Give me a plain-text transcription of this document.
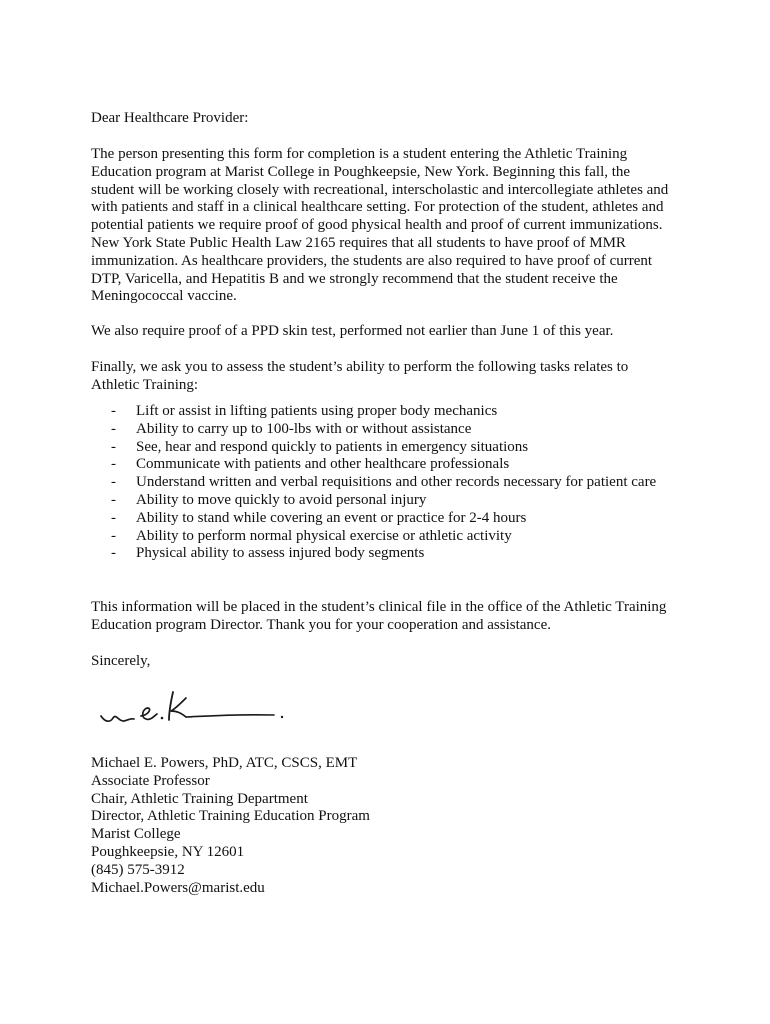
Dear Healthcare Provider:

The person presenting this form for completion is a student entering the Athletic Training
Education program at Marist College in Poughkeepsie, New York. Beginning this fall, the
student will be working closely with recreational, interscholastic and intercollegiate athletes and
with patients and staff in a clinical healthcare setting. For protection of the student, athletes and
potential patients we require proof of good physical health and proof of current immunizations.
New York State Public Health Law 2165 requires that all students to have proof of MMR
immunization. As healthcare providers, the students are also required to have proof of current
DTP, Varicella, and Hepatitis B and we strongly recommend that the student receive the
Meningococcal vaccine.

We also require proof of a PPD skin test, performed not earlier than June 1 of this year.

Finally, we ask you to assess the student’s ability to perform the following tasks relates to
Athletic Training:

- Lift or assist in lifting patients using proper body mechanics
- Ability to carry up to 100-lbs with or without assistance
- See, hear and respond quickly to patients in emergency situations
- Communicate with patients and other healthcare professionals
- Understand written and verbal requisitions and other records necessary for patient care
- Ability to move quickly to avoid personal injury
- Ability to stand while covering an event or practice for 2-4 hours
- Ability to perform normal physical exercise or athletic activity
- Physical ability to assess injured body segments

This information will be placed in the student’s clinical file in the office of the Athletic Training
Education program Director. Thank you for your cooperation and assistance.

Sincerely,

Michael E. Powers, PhD, ATC, CSCS, EMT
Associate Professor
Chair, Athletic Training Department
Director, Athletic Training Education Program
Marist College
Poughkeepsie, NY 12601
(845) 575-3912
Michael.Powers@marist.edu
